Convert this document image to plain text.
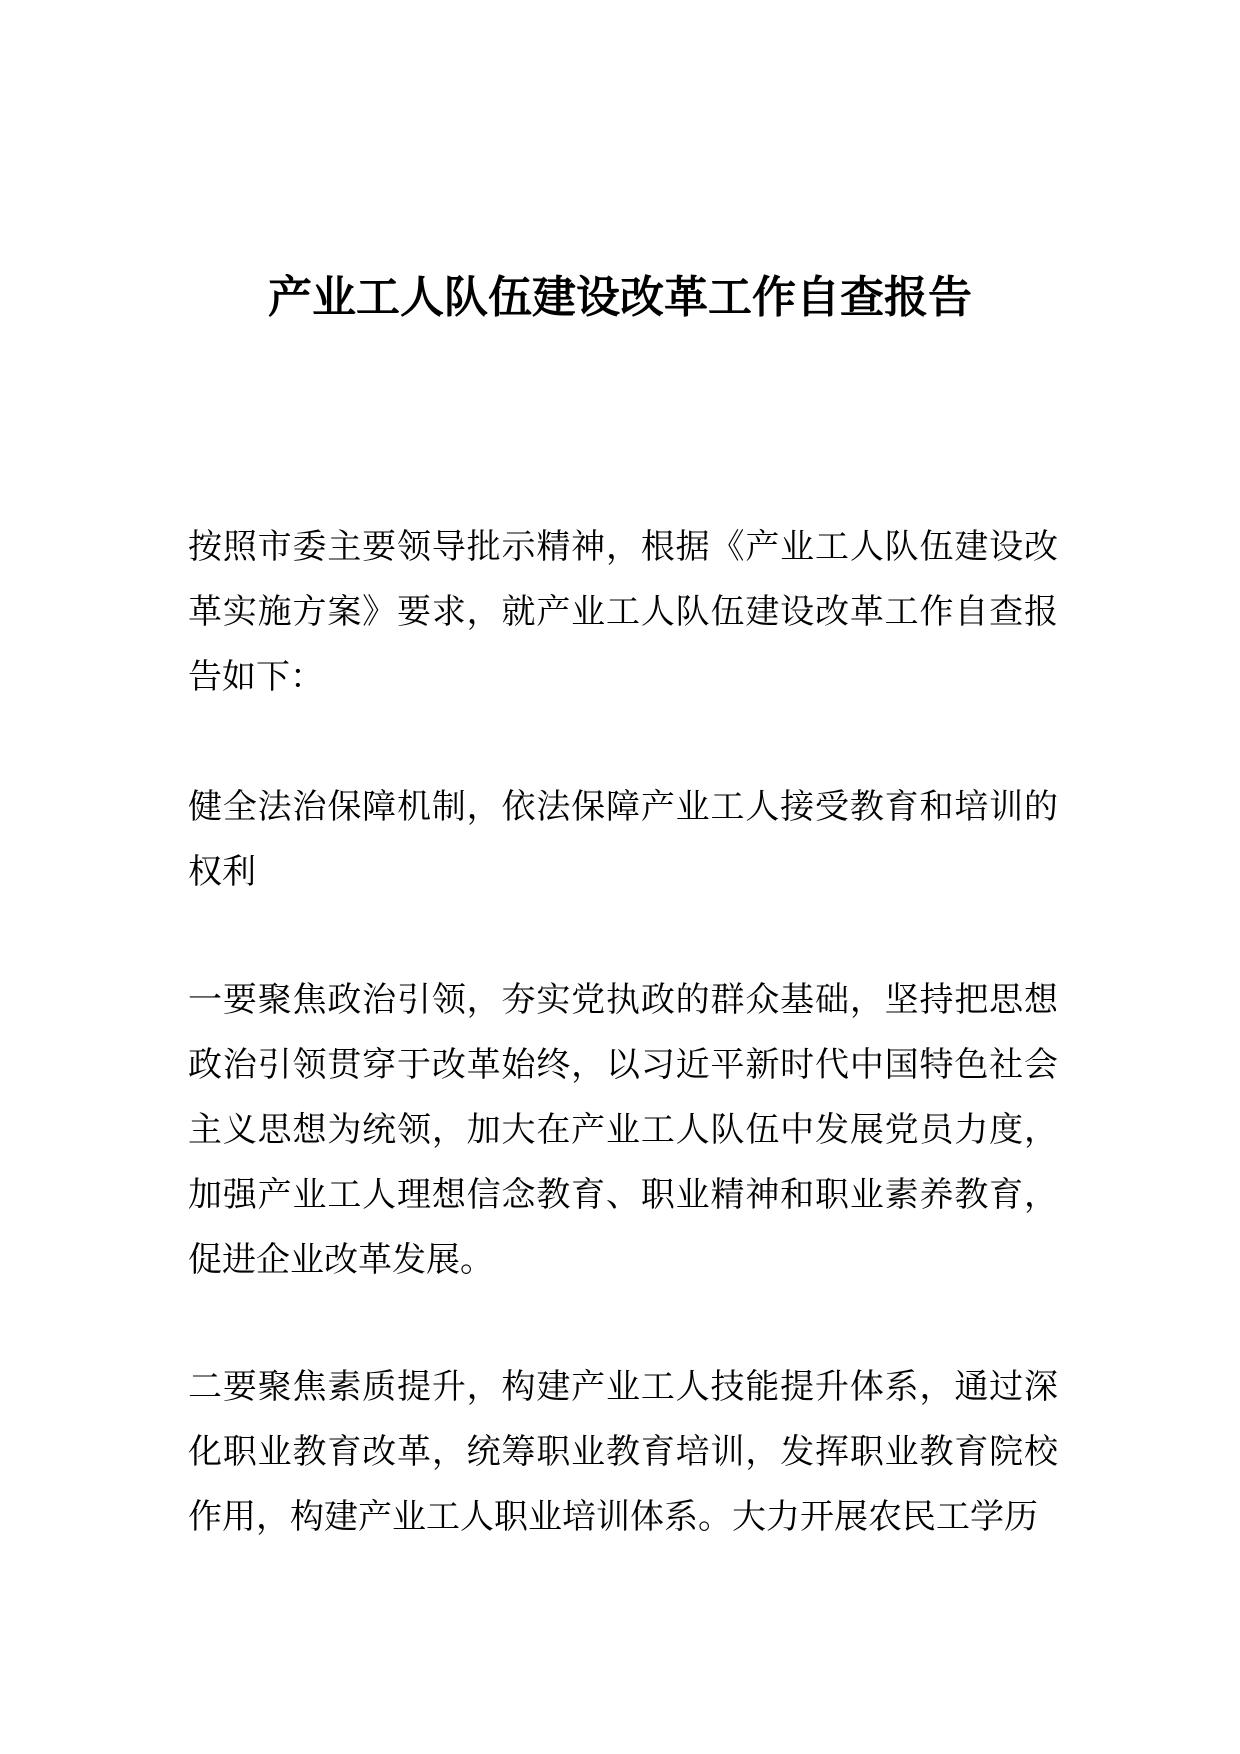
产业工人队伍建设改革工作自查报告

按照市委主要领导批示精神，根据《产业工人队伍建设改革实施方案》要求，就产业工人队伍建设改革工作自查报告如下：

健全法治保障机制，依法保障产业工人接受教育和培训的权利

一要聚焦政治引领，夯实党执政的群众基础，坚持把思想政治引领贯穿于改革始终，以习近平新时代中国特色社会主义思想为统领，加大在产业工人队伍中发展党员力度，加强产业工人理想信念教育、职业精神和职业素养教育，促进企业改革发展。

二要聚焦素质提升，构建产业工人技能提升体系，通过深化职业教育改革，统筹职业教育培训，发挥职业教育院校作用，构建产业工人职业培训体系。大力开展农民工学历
